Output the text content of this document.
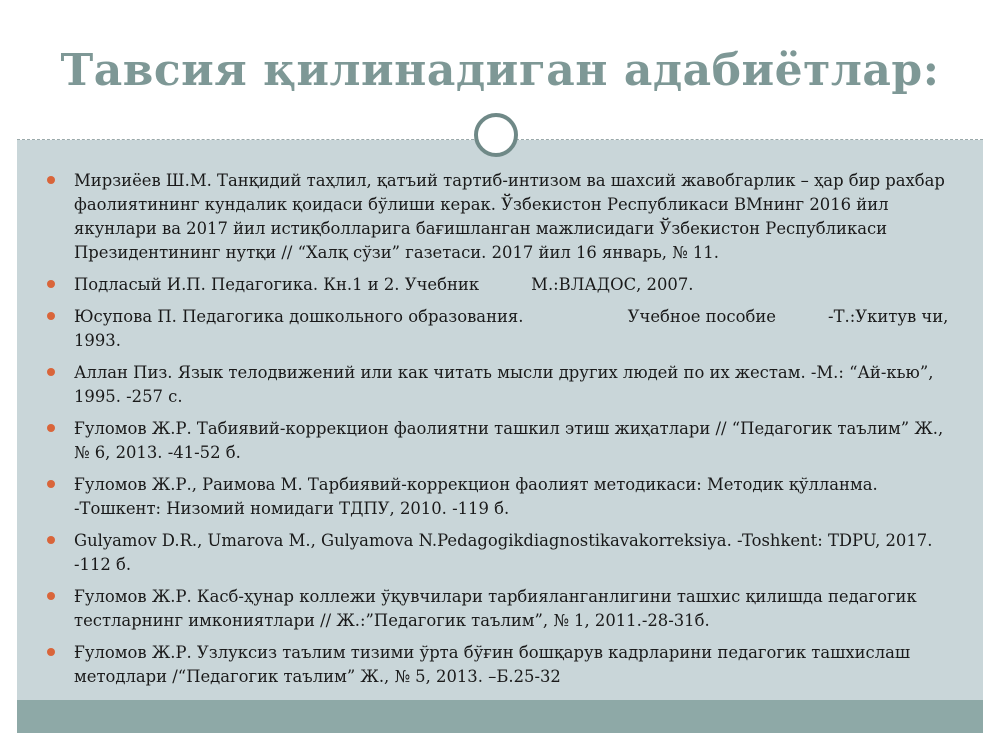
Тавсия қилинадиган адабиётлар:
Мирзиёев Ш.М. Танқидий таҳлил, қатъий тартиб-интизом ва шахсий жавобгарлик – ҳар бир рахбар фаолиятининг кундалик қоидаси бўлиши керак. Ўзбекистон Республикаси ВМнинг 2016 йил якунлари ва 2017 йил истиқболларига бағишланган мажлисидаги Ўзбекистон Республикаси Президентининг нутқи // “Халқ сўзи” газетаси. 2017 йил 16 январь, № 11.
Подласый И.П. Педагогика. Кн.1 и 2. Учебник          М.:ВЛАДОС, 2007.
Юсупова П. Педагогика дошкольного образования.                    Учебное пособие          -Т.:Укитув чи, 1993.
Аллан Пиз. Язык телодвижений или как читать мысли других людей по их жестам. -М.: “Ай-кью”, 1995. -257 с.
Ғуломов Ж.Р. Табиявий-коррекцион фаолиятни ташкил этиш жиҳатлари // “Педагогик таълим” Ж., № 6, 2013. -41-52 б.
Ғуломов Ж.Р., Раимова М. Тарбиявий-коррекцион фаолият методикаси: Методик қўлланма. -Тошкент: Низомий номидаги ТДПУ, 2010. -119 б.
Gulyamov D.R., Umarova M., Gulyamova N.Pedagogikdiagnostikavakorreksiya. -Toshkent: TDPU, 2017. -112 б.
Ғуломов Ж.Р. Касб-ҳунар коллежи ўқувчилари тарбияланганлигини ташхис қилишда педагогик тестларнинг имкониятлари // Ж.:”Педагогик таълим”, № 1, 2011.-28-31б.
Ғуломов Ж.Р. Узлуксиз таълим тизими ўрта бўғин бошқарув кадрларини педагогик ташхислаш методлари /“Педагогик таълим” Ж., № 5, 2013. –Б.25-32
